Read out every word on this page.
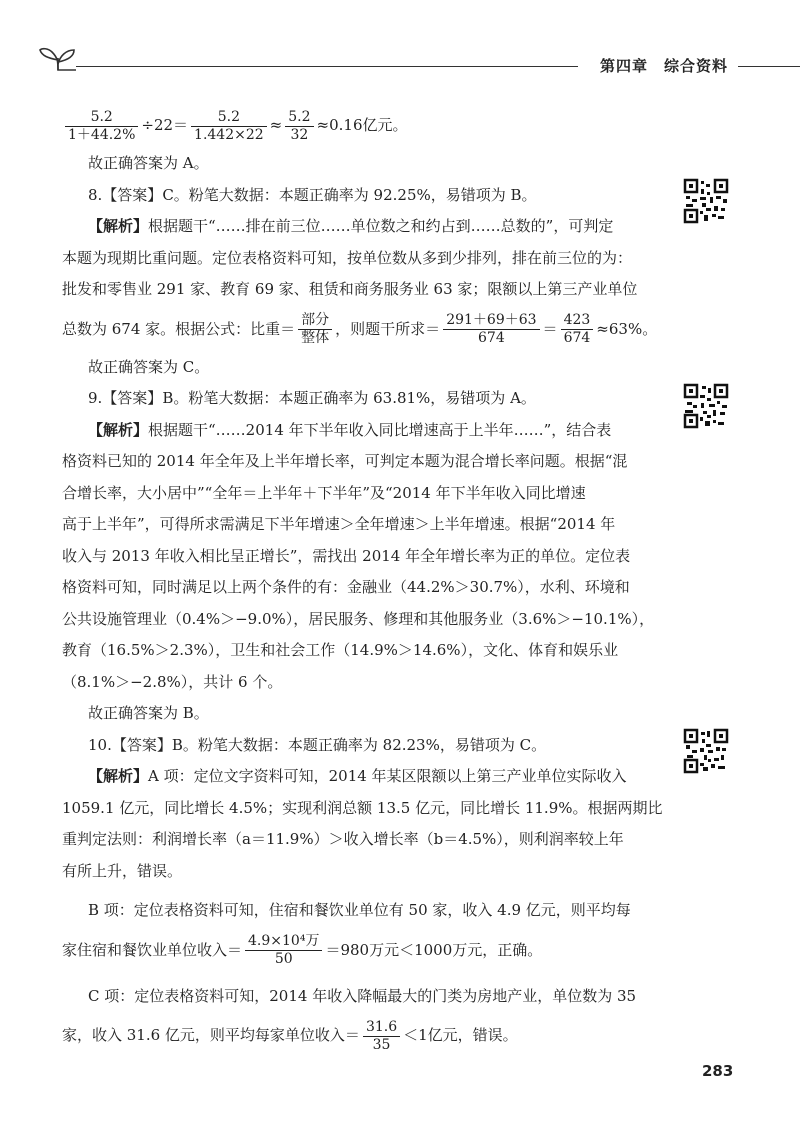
第四章　综合资料
$\frac{5.2}{1+44.2\%} \div 22= \frac{5.2}{1.442\times 22} \approx \frac{5.2}{32} \approx 0.16$亿元。
故正确答案为 A。
8.【答案】C。粉笔大数据：本题正确率为 92.25%，易错项为 B。
【解析】根据题干“……排在前三位……单位数之和约占到……总数的”，可判定
本题为现期比重问题。定位表格资料可知，按单位数从多到少排列，排在前三位的为：
批发和零售业 291 家、教育 69 家、租赁和商务服务业 63 家；限额以上第三产业单位
总数为 674 家。根据公式：比重＝ $\frac{\text{部分}}{\text{整体}}$ ，则题干所求＝ $\frac{291+69+63}{674} = \frac{423}{674} \approx 63\%$。
故正确答案为 C。
9.【答案】B。粉笔大数据：本题正确率为 63.81%，易错项为 A。
【解析】根据题干“……2014 年下半年收入同比增速高于上半年……”，结合表
格资料已知的 2014 年全年及上半年增长率，可判定本题为混合增长率问题。根据“混
合增长率，大小居中”“全年＝上半年＋下半年”及“2014 年下半年收入同比增速
高于上半年”，可得所求需满足下半年增速＞全年增速＞上半年增速。根据“2014 年
收入与 2013 年收入相比呈正增长”，需找出 2014 年全年增长率为正的单位。定位表
格资料可知，同时满足以上两个条件的有：金融业（44.2%＞30.7%），水利、环境和
公共设施管理业（0.4%＞−9.0%），居民服务、修理和其他服务业（3.6%＞−10.1%），
教育（16.5%＞2.3%），卫生和社会工作（14.9%＞14.6%），文化、体育和娱乐业
（8.1%＞−2.8%），共计 6 个。
故正确答案为 B。
10.【答案】B。粉笔大数据：本题正确率为 82.23%，易错项为 C。
【解析】A 项：定位文字资料可知，2014 年某区限额以上第三产业单位实际收入
1059.1 亿元，同比增长 4.5%；实现利润总额 13.5 亿元，同比增长 11.9%。根据两期比
重判定法则：利润增长率（a＝11.9%）＞收入增长率（b＝4.5%），则利润率较上年
有所上升，错误。
B 项：定位表格资料可知，住宿和餐饮业单位有 50 家，收入 4.9 亿元，则平均每
家住宿和餐饮业单位收入＝ $\frac{\text{4.9×10⁴万}}{50} =980$万元＜1000万元，正确。
C 项：定位表格资料可知，2014 年收入降幅最大的门类为房地产业，单位数为 35
家，收入 31.6 亿元，则平均每家单位收入＝ $\frac{31.6}{35} <1$亿元，错误。
283
